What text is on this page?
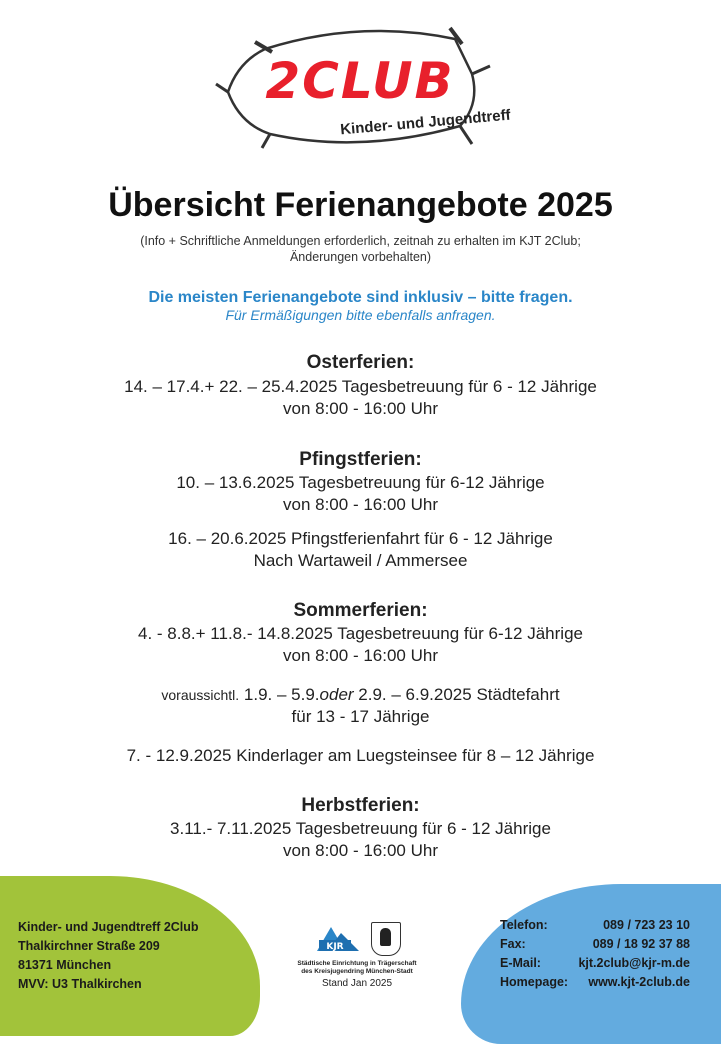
2CLUB
Kinder- und Jugendtreff
Übersicht Ferienangebote 2025
(Info + Schriftliche Anmeldungen erforderlich, zeitnah zu erhalten im KJT 2Club;
Änderungen vorbehalten)
Die meisten Ferienangebote sind inklusiv – bitte fragen.
Für Ermäßigungen bitte ebenfalls anfragen.
Osterferien:
14. – 17.4.+ 22. – 25.4.2025 Tagesbetreuung für 6 - 12 Jährige
von 8:00 - 16:00 Uhr
Pfingstferien:
10. – 13.6.2025 Tagesbetreuung für 6-12 Jährige
von 8:00 - 16:00 Uhr
16. – 20.6.2025 Pfingstferienfahrt für 6 - 12 Jährige
Nach Wartaweil / Ammersee
Sommerferien:
4. - 8.8.+ 11.8.- 14.8.2025 Tagesbetreuung für 6-12 Jährige
von 8:00 - 16:00 Uhr
voraussichtl. 1.9. – 5.9.oder 2.9. – 6.9.2025 Städtefahrt
für 13 - 17 Jährige
7. - 12.9.2025 Kinderlager am Luegsteinsee für 8 – 12 Jährige
Herbstferien:
3.11.- 7.11.2025 Tagesbetreuung für 6 - 12 Jährige
von 8:00 - 16:00 Uhr
Kinder- und Jugendtreff 2Club
Thalkirchner Straße 209
81371 München
MVV: U3 Thalkirchen
KJR
Städtische Einrichtung in Trägerschaft
des Kreisjugendring München-Stadt
Stand Jan 2025
Telefon:	089 / 723 23 10
Fax:	089 / 18 92 37 88
E-Mail:	kjt.2club@kjr-m.de
Homepage: www.kjt-2club.de
